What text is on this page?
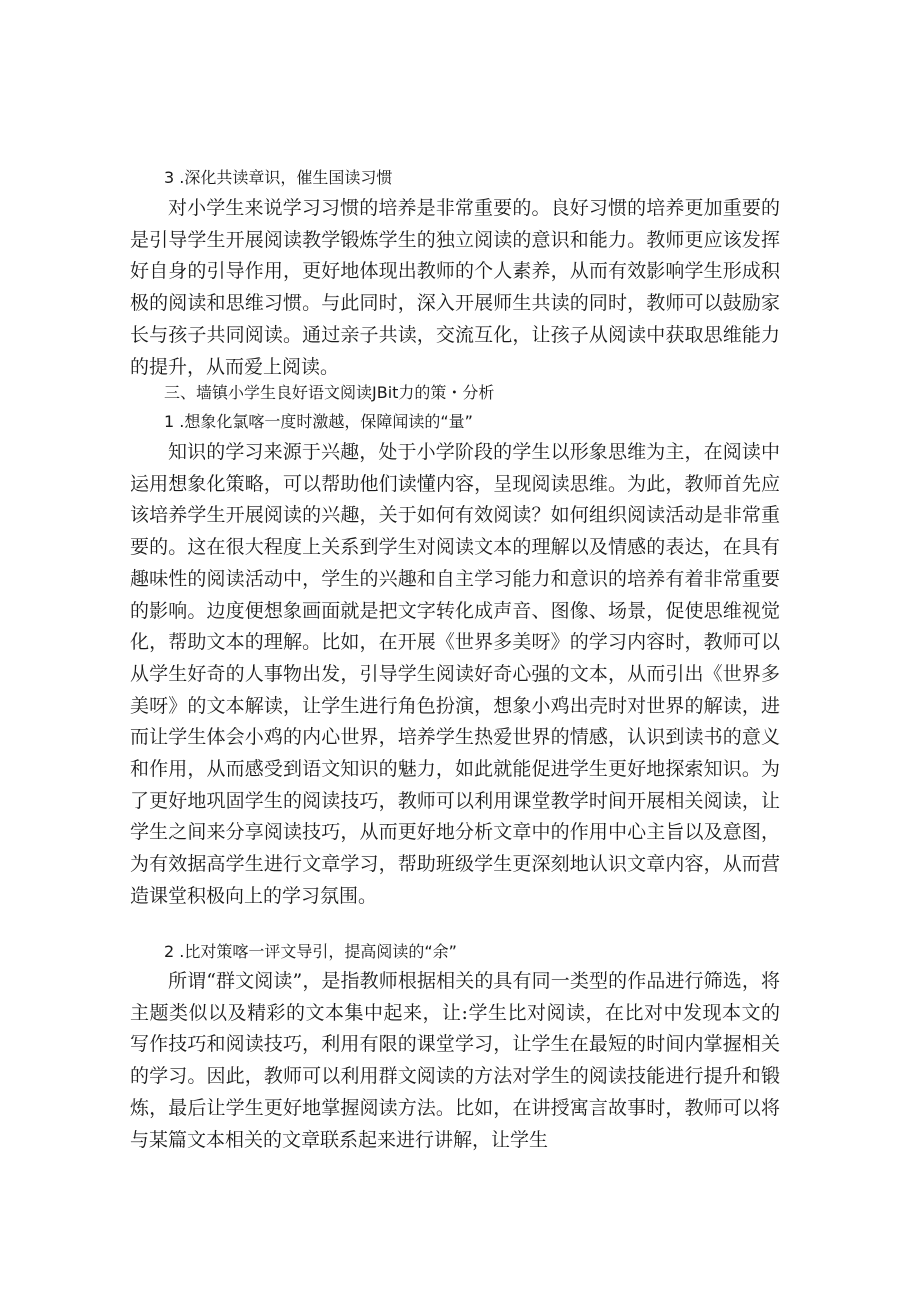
3 .深化共读章识，催生国读习惯

对小学生来说学习习惯的培养是非常重要的。良好习惯的培养更加重要的是引导学生开展阅读教学锻炼学生的独立阅读的意识和能力。教师更应该发挥好自身的引导作用，更好地体现出教师的个人素养，从而有效影响学生形成积极的阅读和思维习惯。与此同时，深入开展师生共读的同时，教师可以鼓励家长与孩子共同阅读。通过亲子共读，交流互化，让孩子从阅读中获取思维能力的提升，从而爱上阅读。

三、墙镇小学生良好语文阅读JBit力的策・分析
1 .想象化氯喀一度时激越，保障闻读的“量”

知识的学习来源于兴趣，处于小学阶段的学生以形象思维为主，在阅读中运用想象化策略，可以帮助他们读懂内容，呈现阅读思维。为此，教师首先应该培养学生开展阅读的兴趣，关于如何有效阅读？如何组织阅读活动是非常重要的。这在很大程度上关系到学生对阅读文本的理解以及情感的表达，在具有趣味性的阅读活动中，学生的兴趣和自主学习能力和意识的培养有着非常重要的影响。边度便想象画面就是把文字转化成声音、图像、场景，促使思维视觉化，帮助文本的理解。比如，在开展《世界多美呀》的学习内容时，教师可以从学生好奇的人事物出发，引导学生阅读好奇心强的文本，从而引出《世界多美呀》的文本解读，让学生进行角色扮演，想象小鸡出壳时对世界的解读，进而让学生体会小鸡的内心世界，培养学生热爱世界的情感，认识到读书的意义和作用，从而感受到语文知识的魅力，如此就能促进学生更好地探索知识。为了更好地巩固学生的阅读技巧，教师可以利用课堂教学时间开展相关阅读，让学生之间来分享阅读技巧，从而更好地分析文章中的作用中心主旨以及意图，为有效据高学生进行文章学习，帮助班级学生更深刻地认识文章内容，从而营造课堂积极向上的学习氛围。

2 .比对策喀一评文导引，提高阅读的“余”

所谓“群文阅读”，是指教师根据相关的具有同一类型的作品进行筛选，将主题类似以及精彩的文本集中起来，让:学生比对阅读，在比对中发现本文的写作技巧和阅读技巧，利用有限的课堂学习，让学生在最短的时间内掌握相关的学习。因此，教师可以利用群文阅读的方法对学生的阅读技能进行提升和锻炼，最后让学生更好地掌握阅读方法。比如，在讲授寓言故事时，教师可以将与某篇文本相关的文章联系起来进行讲解，让学生
